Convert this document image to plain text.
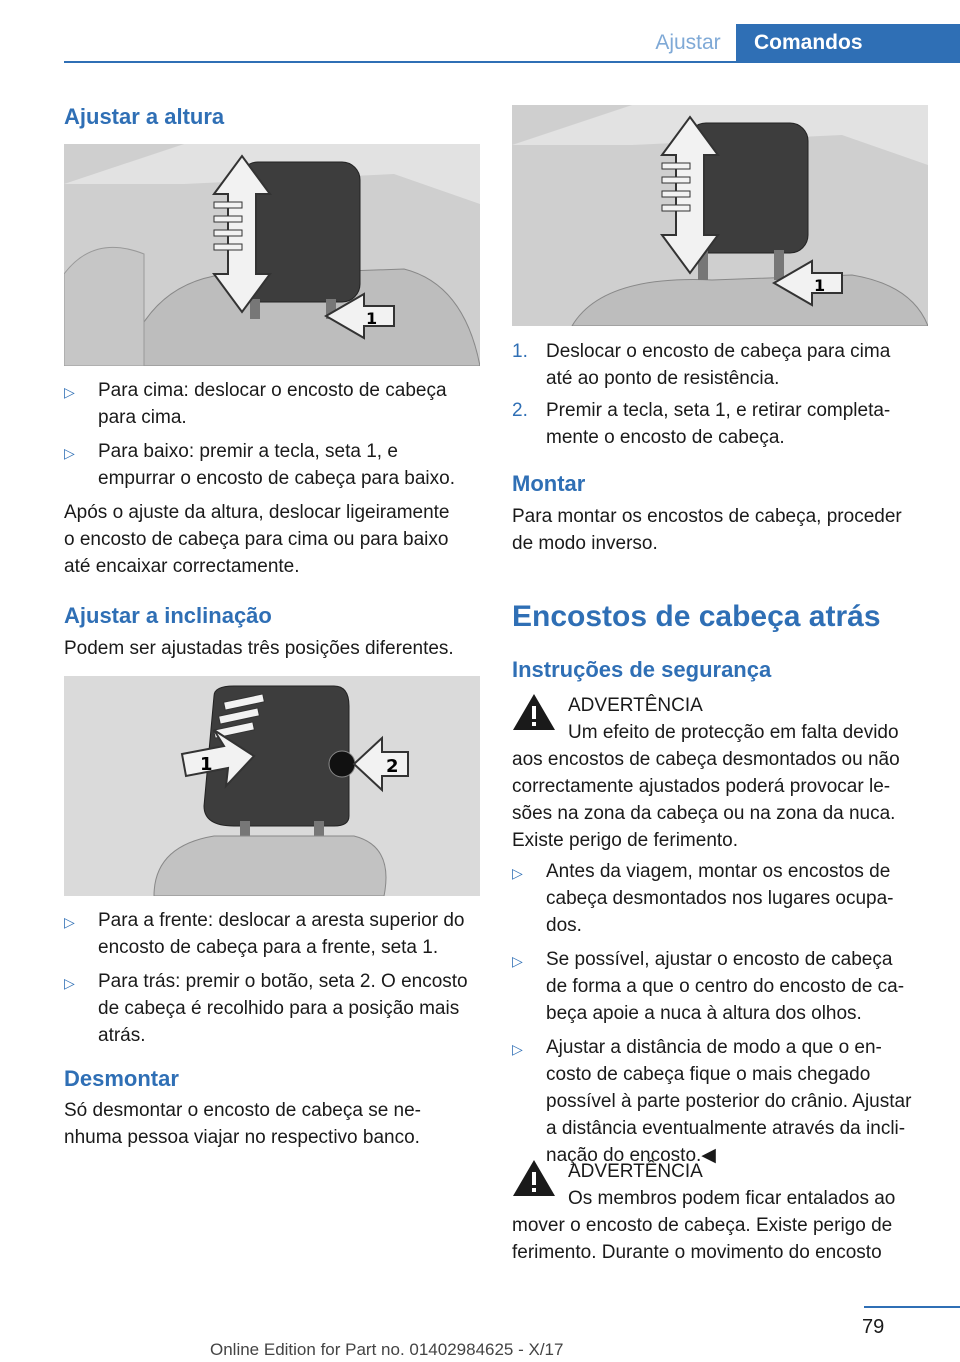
Ajustar	Comandos
Ajustar a altura
1
▷	Para cima: deslocar o encosto de cabeça para cima.
▷	Para baixo: premir a tecla, seta 1, e empurrar o encosto de cabeça para baixo.
Após o ajuste da altura, deslocar ligeiramente
o encosto de cabeça para cima ou para baixo
até encaixar correctamente.
Ajustar a inclinação
Podem ser ajustadas três posições diferentes.
1	2
▷	Para a frente: deslocar a aresta superior do encosto de cabeça para a frente, seta 1.
▷	Para trás: premir o botão, seta 2. O encosto de cabeça é recolhido para a posição mais atrás.
Desmontar
Só desmontar o encosto de cabeça se ne-
nhuma pessoa viajar no respectivo banco.
1
1. Deslocar o encosto de cabeça para cima
até ao ponto de resistência.
2. Premir a tecla, seta 1, e retirar completa-
mente o encosto de cabeça.
Montar
Para montar os encostos de cabeça, proceder
de modo inverso.
Encostos de cabeça atrás
Instruções de segurança
ADVERTÊNCIA
Um efeito de protecção em falta devido
aos encostos de cabeça desmontados ou não
correctamente ajustados poderá provocar le-
sões na zona da cabeça ou na zona da nuca.
Existe perigo de ferimento.
▷	Antes da viagem, montar os encostos de
cabeça desmontados nos lugares ocupa-
dos.
▷	Se possível, ajustar o encosto de cabeça
de forma a que o centro do encosto de ca-
beça apoie a nuca à altura dos olhos.
▷	Ajustar a distância de modo a que o en-
costo de cabeça fique o mais chegado
possível à parte posterior do crânio. Ajustar
a distância eventualmente através da incli-
nação do encosto.◀
ADVERTÊNCIA
Os membros podem ficar entalados ao
mover o encosto de cabeça. Existe perigo de
ferimento. Durante o movimento do encosto
79
Online Edition for Part no. 01402984625 - X/17
